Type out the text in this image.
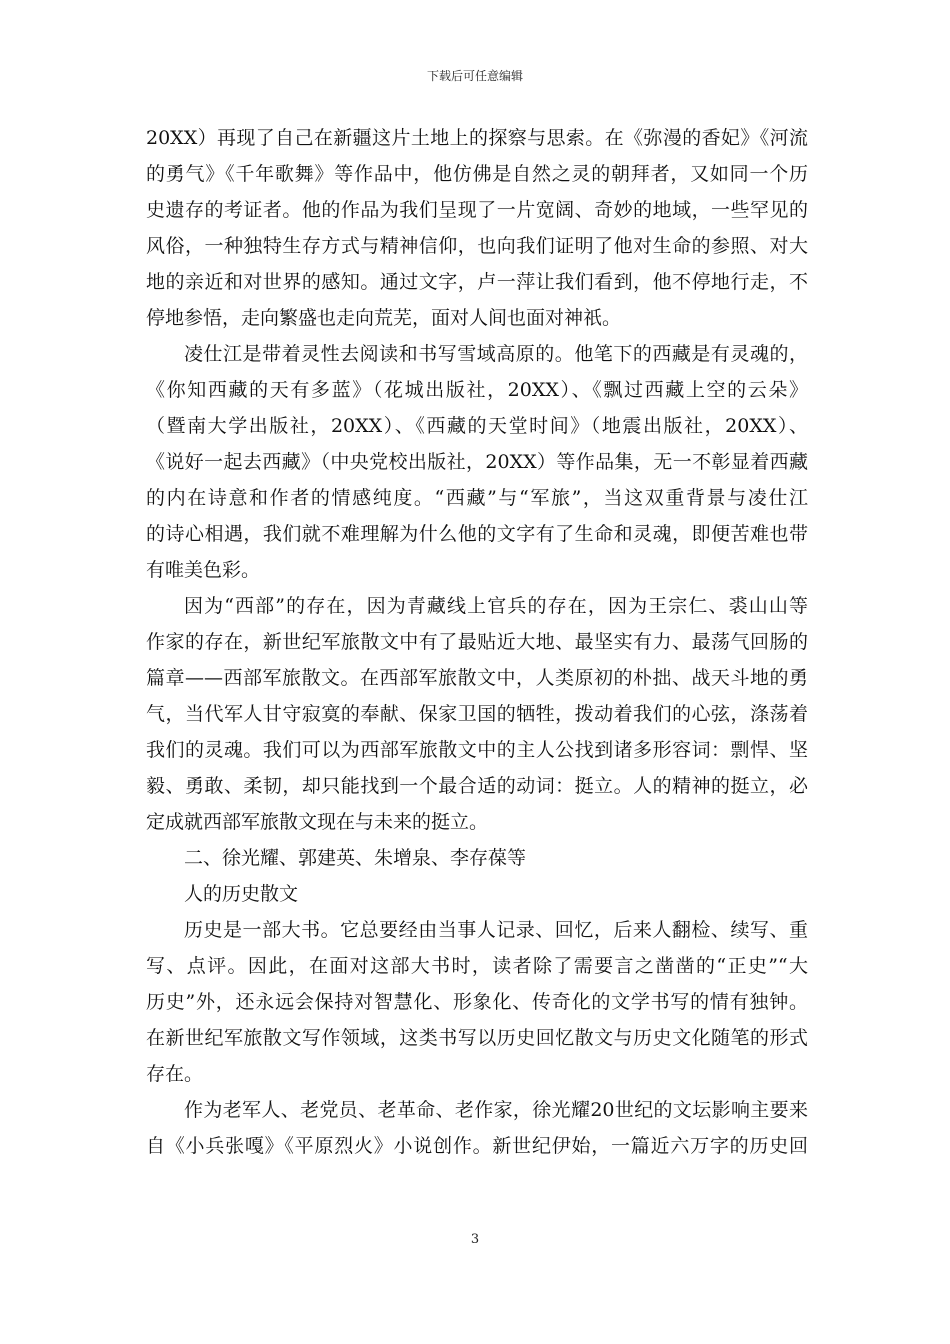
下载后可任意编辑
20XX）再现了自己在新疆这片土地上的探察与思索。在《弥漫的香妃》《河流
的勇气》《千年歌舞》等作品中，他仿佛是自然之灵的朝拜者，又如同一个历
史遗存的考证者。他的作品为我们呈现了一片宽阔、奇妙的地域，一些罕见的
风俗，一种独特生存方式与精神信仰，也向我们证明了他对生命的参照、对大
地的亲近和对世界的感知。通过文字，卢一萍让我们看到，他不停地行走，不
停地参悟，走向繁盛也走向荒芜，面对人间也面对神祇。
凌仕江是带着灵性去阅读和书写雪域高原的。他笔下的西藏是有灵魂的，
《你知西藏的天有多蓝》（花城出版社，20XX）、《飘过西藏上空的云朵》
（暨南大学出版社，20XX）、《西藏的天堂时间》（地震出版社，20XX）、
《说好一起去西藏》（中央党校出版社，20XX）等作品集，无一不彰显着西藏
的内在诗意和作者的情感纯度。“西藏”与“军旅”，当这双重背景与凌仕江
的诗心相遇，我们就不难理解为什么他的文字有了生命和灵魂，即便苦难也带
有唯美色彩。
因为“西部”的存在，因为青藏线上官兵的存在，因为王宗仁、裘山山等
作家的存在，新世纪军旅散文中有了最贴近大地、最坚实有力、最荡气回肠的
篇章——西部军旅散文。在西部军旅散文中，人类原初的朴拙、战天斗地的勇
气，当代军人甘守寂寞的奉献、保家卫国的牺牲，拨动着我们的心弦，涤荡着
我们的灵魂。我们可以为西部军旅散文中的主人公找到诸多形容词：剽悍、坚
毅、勇敢、柔韧，却只能找到一个最合适的动词：挺立。人的精神的挺立，必
定成就西部军旅散文现在与未来的挺立。
二、徐光耀、郭建英、朱增泉、李存葆等
人的历史散文
历史是一部大书。它总要经由当事人记录、回忆，后来人翻检、续写、重
写、点评。因此，在面对这部大书时，读者除了需要言之凿凿的“正史”“大
历史”外，还永远会保持对智慧化、形象化、传奇化的文学书写的情有独钟。
在新世纪军旅散文写作领域，这类书写以历史回忆散文与历史文化随笔的形式
存在。
作为老军人、老党员、老革命、老作家，徐光耀20世纪的文坛影响主要来
自《小兵张嘎》《平原烈火》小说创作。新世纪伊始，一篇近六万字的历史回
3
